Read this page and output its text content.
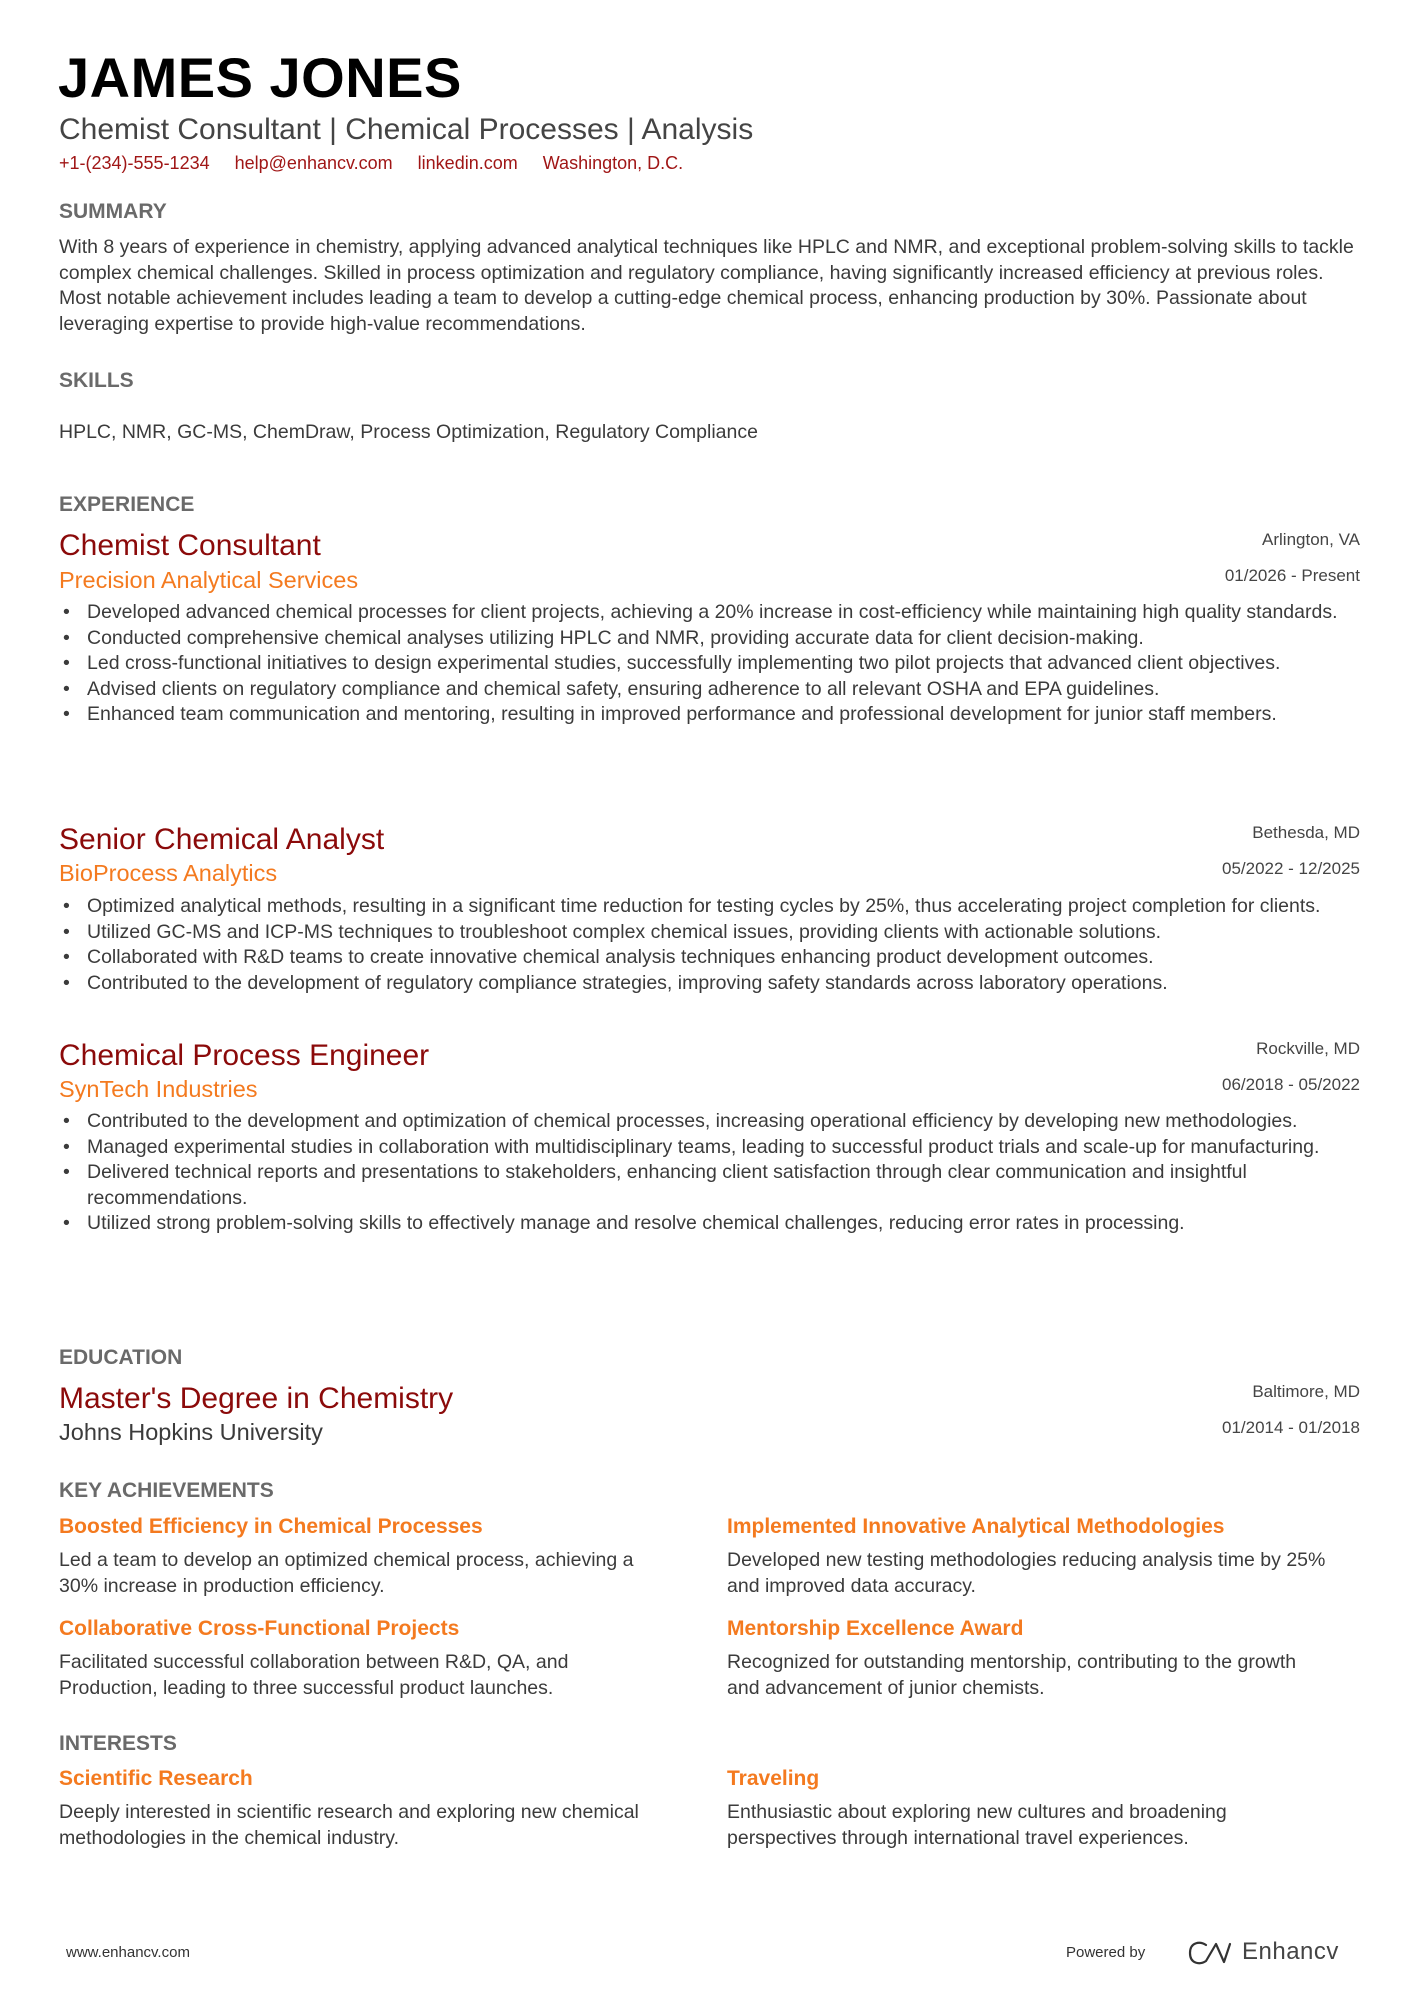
JAMES JONES
Chemist Consultant | Chemical Processes | Analysis
+1-(234)-555-1234 help@enhancv.com linkedin.com Washington, D.C.
SUMMARY
With 8 years of experience in chemistry, applying advanced analytical techniques like HPLC and NMR, and exceptional problem-solving skills to tackle complex chemical challenges. Skilled in process optimization and regulatory compliance, having significantly increased efficiency at previous roles. Most notable achievement includes leading a team to develop a cutting-edge chemical process, enhancing production by 30%. Passionate about leveraging expertise to provide high-value recommendations.
SKILLS
HPLC, NMR, GC-MS, ChemDraw, Process Optimization, Regulatory Compliance
EXPERIENCE
Chemist Consultant
Precision Analytical Services
Arlington, VA
01/2026 - Present
• Developed advanced chemical processes for client projects, achieving a 20% increase in cost-efficiency while maintaining high quality standards.
• Conducted comprehensive chemical analyses utilizing HPLC and NMR, providing accurate data for client decision-making.
• Led cross-functional initiatives to design experimental studies, successfully implementing two pilot projects that advanced client objectives.
• Advised clients on regulatory compliance and chemical safety, ensuring adherence to all relevant OSHA and EPA guidelines.
• Enhanced team communication and mentoring, resulting in improved performance and professional development for junior staff members.
Senior Chemical Analyst
BioProcess Analytics
Bethesda, MD
05/2022 - 12/2025
• Optimized analytical methods, resulting in a significant time reduction for testing cycles by 25%, thus accelerating project completion for clients.
• Utilized GC-MS and ICP-MS techniques to troubleshoot complex chemical issues, providing clients with actionable solutions.
• Collaborated with R&D teams to create innovative chemical analysis techniques enhancing product development outcomes.
• Contributed to the development of regulatory compliance strategies, improving safety standards across laboratory operations.
Chemical Process Engineer
SynTech Industries
Rockville, MD
06/2018 - 05/2022
• Contributed to the development and optimization of chemical processes, increasing operational efficiency by developing new methodologies.
• Managed experimental studies in collaboration with multidisciplinary teams, leading to successful product trials and scale-up for manufacturing.
• Delivered technical reports and presentations to stakeholders, enhancing client satisfaction through clear communication and insightful recommendations.
• Utilized strong problem-solving skills to effectively manage and resolve chemical challenges, reducing error rates in processing.
EDUCATION
Master's Degree in Chemistry
Johns Hopkins University
Baltimore, MD
01/2014 - 01/2018
KEY ACHIEVEMENTS
Boosted Efficiency in Chemical Processes
Led a team to develop an optimized chemical process, achieving a 30% increase in production efficiency.
Implemented Innovative Analytical Methodologies
Developed new testing methodologies reducing analysis time by 25% and improved data accuracy.
Collaborative Cross-Functional Projects
Facilitated successful collaboration between R&D, QA, and Production, leading to three successful product launches.
Mentorship Excellence Award
Recognized for outstanding mentorship, contributing to the growth and advancement of junior chemists.
INTERESTS
Scientific Research
Deeply interested in scientific research and exploring new chemical methodologies in the chemical industry.
Traveling
Enthusiastic about exploring new cultures and broadening perspectives through international travel experiences.
www.enhancv.com	Powered by	Enhancv
